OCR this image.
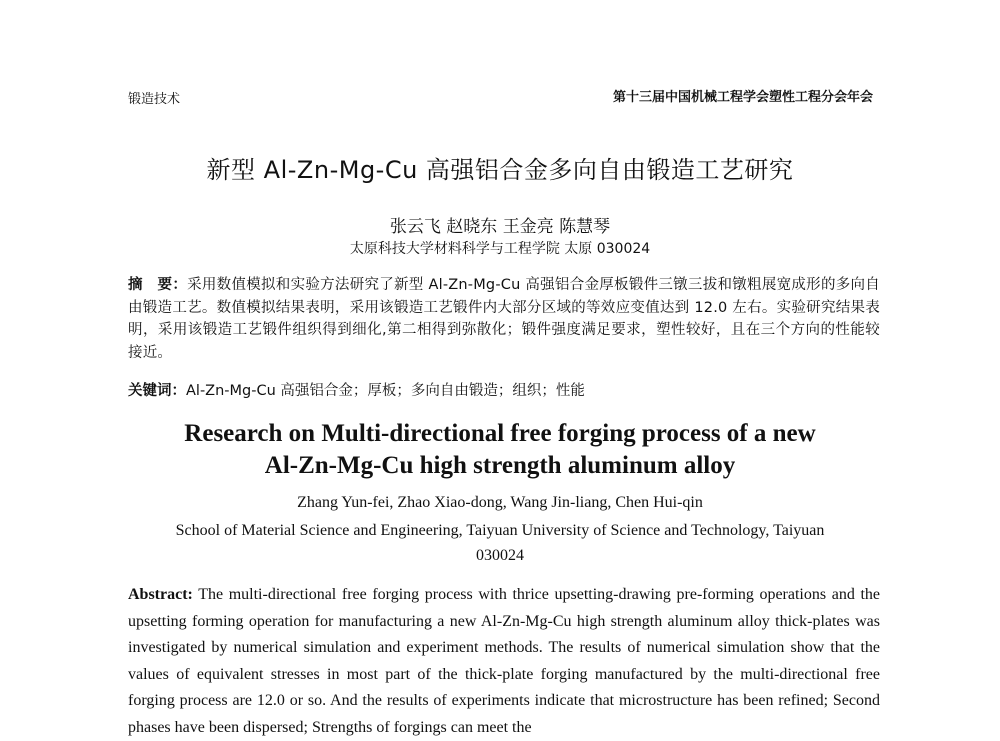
锻造技术	第十三届中国机械工程学会塑性工程分会年会
新型 Al-Zn-Mg-Cu 高强铝合金多向自由锻造工艺研究
张云飞 赵晓东 王金亮 陈慧琴
太原科技大学材料科学与工程学院 太原 030024
摘　要：采用数值模拟和实验方法研究了新型 Al-Zn-Mg-Cu 高强铝合金厚板锻件三镦三拔和镦粗展宽成形的多向自由锻造工艺。数值模拟结果表明，采用该锻造工艺锻件内大部分区域的等效应变值达到 12.0 左右。实验研究结果表明，采用该锻造工艺锻件组织得到细化,第二相得到弥散化；锻件强度满足要求，塑性较好，且在三个方向的性能较接近。
关键词：Al-Zn-Mg-Cu 高强铝合金；厚板；多向自由锻造；组织；性能
Research on Multi-directional free forging process of a new
Al-Zn-Mg-Cu high strength aluminum alloy
Zhang Yun-fei, Zhao Xiao-dong, Wang Jin-liang, Chen Hui-qin
School of Material Science and Engineering, Taiyuan University of Science and Technology, Taiyuan
030024
Abstract: The multi-directional free forging process with thrice upsetting-drawing pre-forming operations and the upsetting forming operation for manufacturing a new Al-Zn-Mg-Cu high strength aluminum alloy thick-plates was investigated by numerical simulation and experiment methods. The results of numerical simulation show that the values of equivalent stresses in most part of the thick-plate forging manufactured by the multi-directional free forging process are 12.0 or so. And the results of experiments indicate that microstructure has been refined; Second phases have been dispersed; Strengths of forgings can meet the
